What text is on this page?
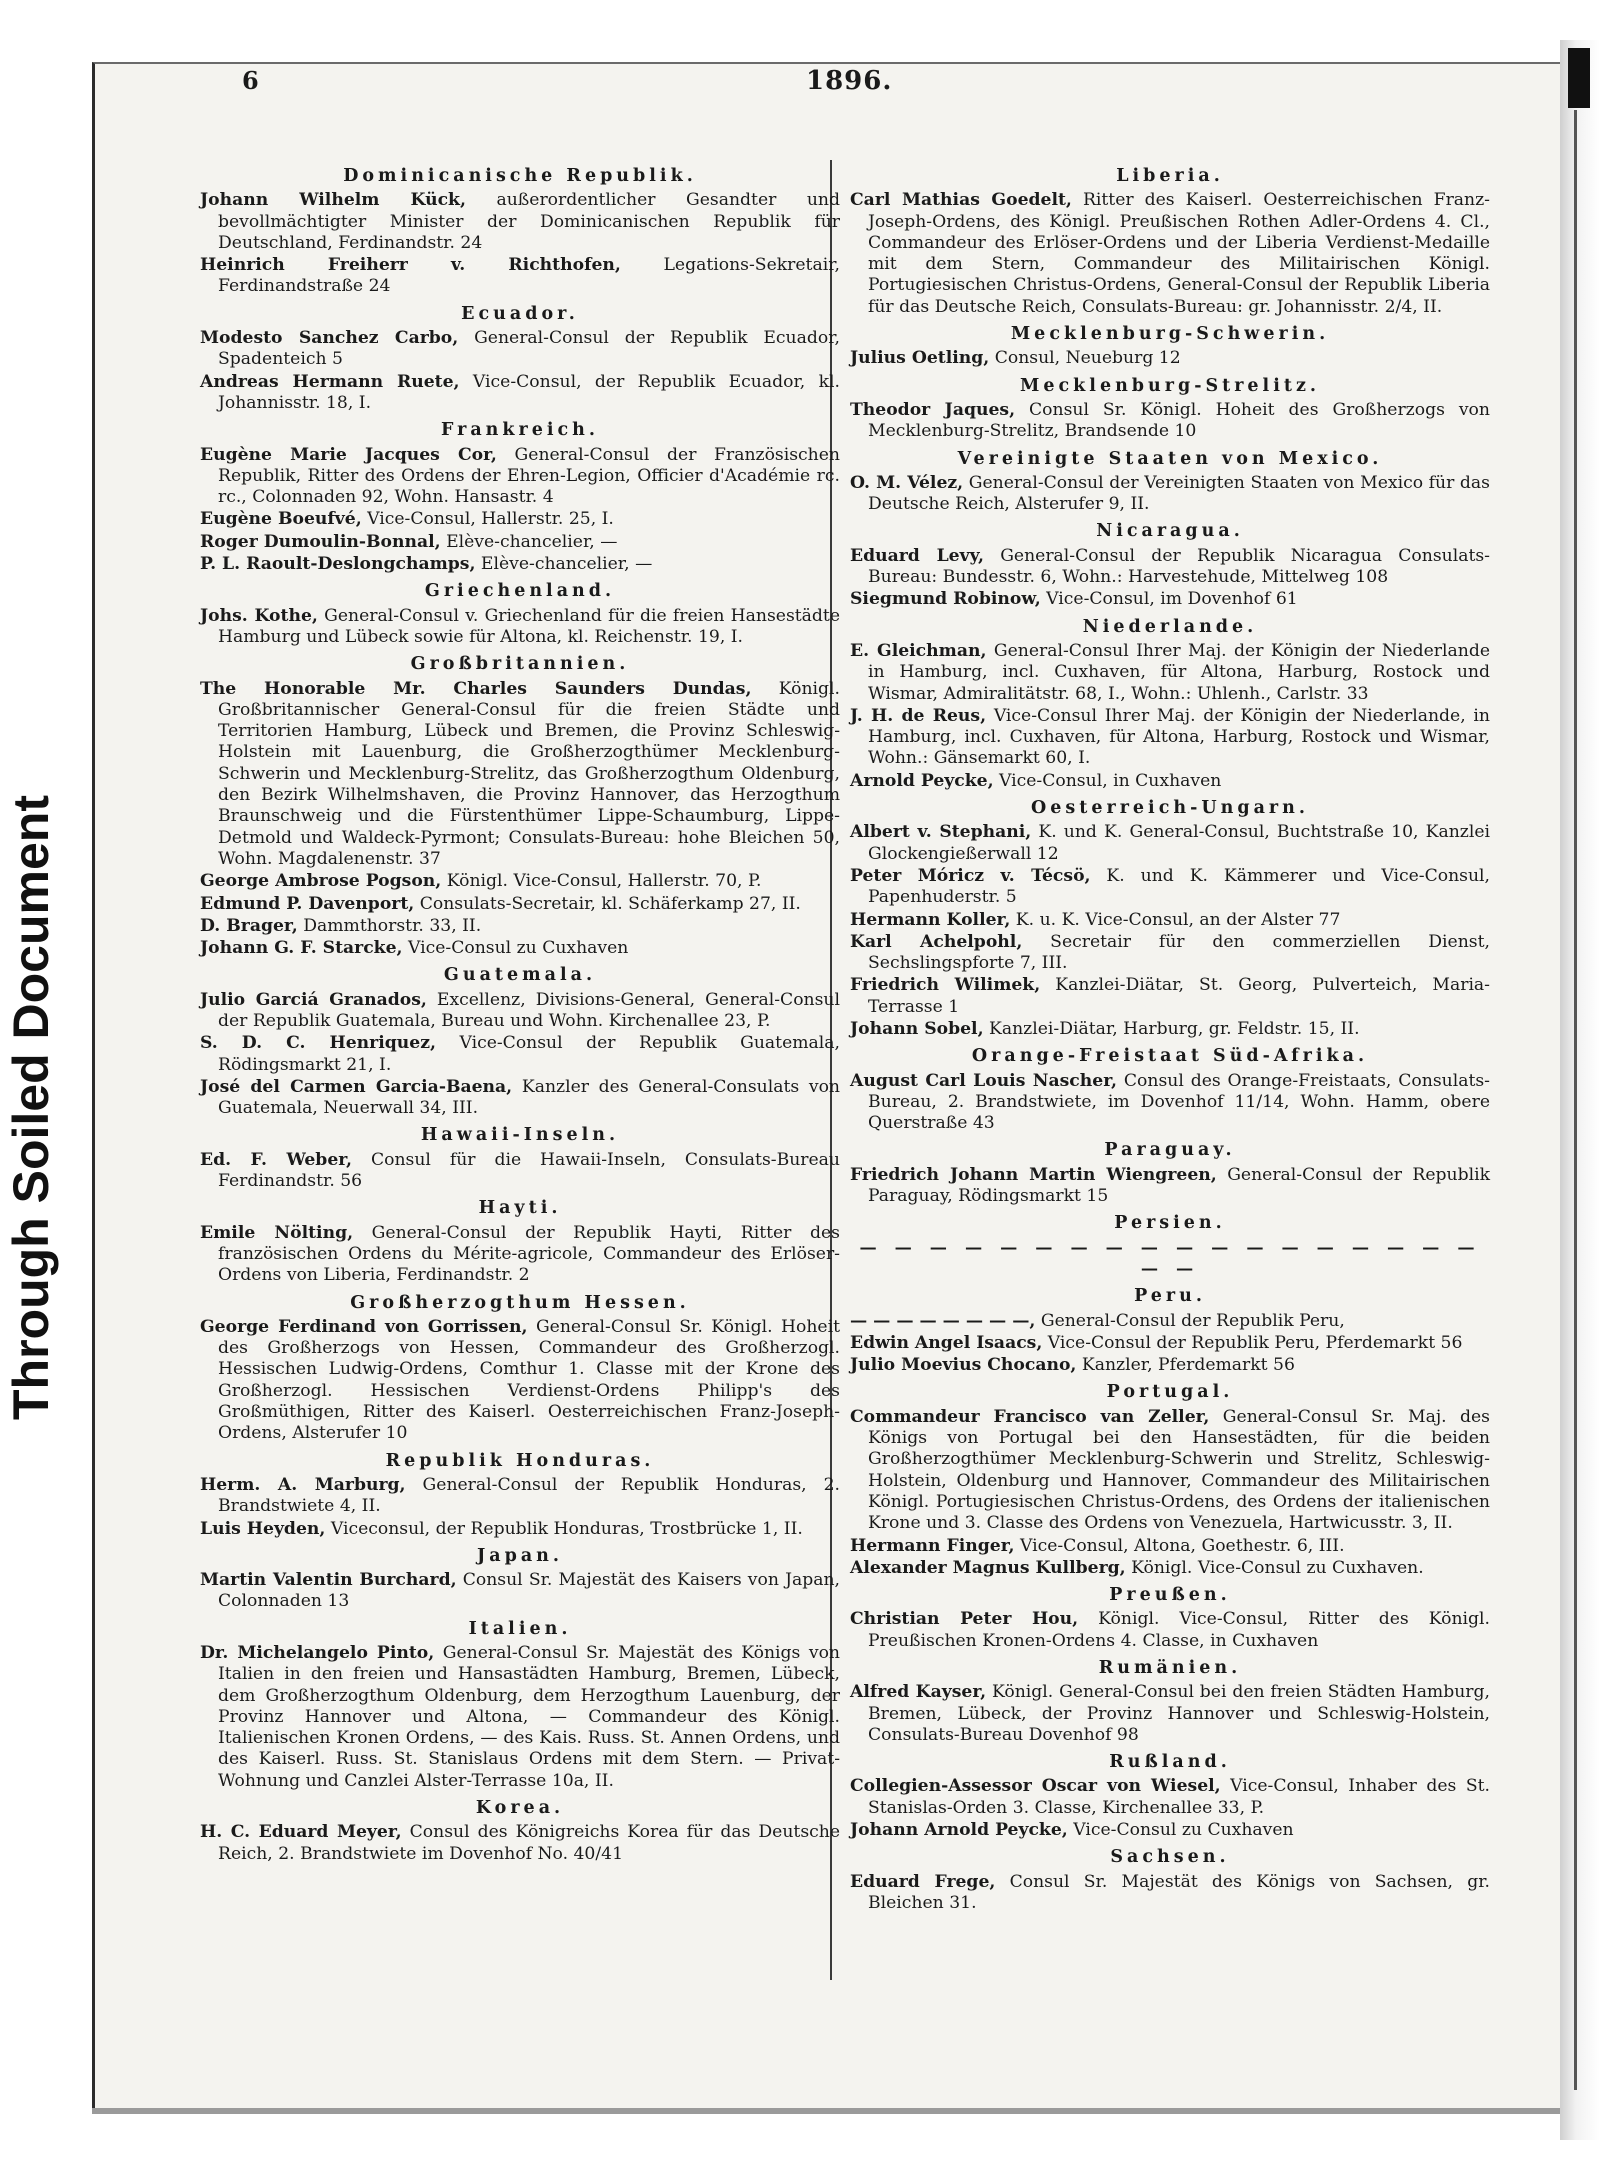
Through Soiled Document
6	1896.
Dominicanische Republik.
Johann Wilhelm Kück, außerordentlicher Gesandter und bevollmächtigter Minister der Dominicanischen Republik für Deutschland, Ferdinandstr. 24
Heinrich Freiherr v. Richthofen, Legations-Sekretair, Ferdinandstraße 24
Ecuador.
Modesto Sanchez Carbo, General-Consul der Republik Ecuador, Spadenteich 5
Andreas Hermann Ruete, Vice-Consul, der Republik Ecuador, kl. Johannisstr. 18, I.
Frankreich.
Eugène Marie Jacques Cor, General-Consul der Französischen Republik, Ritter des Ordens der Ehren-Legion, Officier d'Académie rc. rc., Colonnaden 92, Wohn. Hansastr. 4
Eugène Boeufvé, Vice-Consul, Hallerstr. 25, I.
Roger Dumoulin-Bonnal, Elève-chancelier, —
P. L. Raoult-Deslongchamps, Elève-chancelier, —
Griechenland.
Johs. Kothe, General-Consul v. Griechenland für die freien Hansestädte Hamburg und Lübeck sowie für Altona, kl. Reichenstr. 19, I.
Großbritannien.
The Honorable Mr. Charles Saunders Dundas, Königl. Großbritannischer General-Consul für die freien Städte und Territorien Hamburg, Lübeck und Bremen, die Provinz Schleswig-Holstein mit Lauenburg, die Großherzogthümer Mecklenburg-Schwerin und Mecklenburg-Strelitz, das Großherzogthum Oldenburg, den Bezirk Wilhelmshaven, die Provinz Hannover, das Herzogthum Braunschweig und die Fürstenthümer Lippe-Schaumburg, Lippe-Detmold und Waldeck-Pyrmont; Consulats-Bureau: hohe Bleichen 50, Wohn. Magdalenenstr. 37
George Ambrose Pogson, Königl. Vice-Consul, Hallerstr. 70, P.
Edmund P. Davenport, Consulats-Secretair, kl. Schäferkamp 27, II.
D. Brager, Dammthorstr. 33, II.
Johann G. F. Starcke, Vice-Consul zu Cuxhaven
Guatemala.
Julio Garciá Granados, Excellenz, Divisions-General, General-Consul der Republik Guatemala, Bureau und Wohn. Kirchenallee 23, P.
S. D. C. Henriquez, Vice-Consul der Republik Guatemala, Rödingsmarkt 21, I.
José del Carmen Garcia-Baena, Kanzler des General-Consulats von Guatemala, Neuerwall 34, III.
Hawaii-Inseln.
Ed. F. Weber, Consul für die Hawaii-Inseln, Consulats-Bureau Ferdinandstr. 56
Hayti.
Emile Nölting, General-Consul der Republik Hayti, Ritter des französischen Ordens du Mérite-agricole, Commandeur des Erlöser-Ordens von Liberia, Ferdinandstr. 2
Großherzogthum Hessen.
George Ferdinand von Gorrissen, General-Consul Sr. Königl. Hoheit des Großherzogs von Hessen, Commandeur des Großherzogl. Hessischen Ludwig-Ordens, Comthur 1. Classe mit der Krone des Großherzogl. Hessischen Verdienst-Ordens Philipp's des Großmüthigen, Ritter des Kaiserl. Oesterreichischen Franz-Joseph-Ordens, Alsterufer 10
Republik Honduras.
Herm. A. Marburg, General-Consul der Republik Honduras, 2. Brandstwiete 4, II.
Luis Heyden, Viceconsul, der Republik Honduras, Trostbrücke 1, II.
Japan.
Martin Valentin Burchard, Consul Sr. Majestät des Kaisers von Japan, Colonnaden 13
Italien.
Dr. Michelangelo Pinto, General-Consul Sr. Majestät des Königs von Italien in den freien und Hansastädten Hamburg, Bremen, Lübeck, dem Großherzogthum Oldenburg, dem Herzogthum Lauenburg, der Provinz Hannover und Altona, — Commandeur des Königl. Italienischen Kronen Ordens, — des Kais. Russ. St. Annen Ordens, und des Kaiserl. Russ. St. Stanislaus Ordens mit dem Stern. — Privat-Wohnung und Canzlei Alster-Terrasse 10a, II.
Korea.
H. C. Eduard Meyer, Consul des Königreichs Korea für das Deutsche Reich, 2. Brandstwiete im Dovenhof No. 40/41
Liberia.
Carl Mathias Goedelt, Ritter des Kaiserl. Oesterreichischen Franz-Joseph-Ordens, des Königl. Preußischen Rothen Adler-Ordens 4. Cl., Commandeur des Erlöser-Ordens und der Liberia Verdienst-Medaille mit dem Stern, Commandeur des Militairischen Königl. Portugiesischen Christus-Ordens, General-Consul der Republik Liberia für das Deutsche Reich, Consulats-Bureau: gr. Johannisstr. 2/4, II.
Mecklenburg-Schwerin.
Julius Oetling, Consul, Neueburg 12
Mecklenburg-Strelitz.
Theodor Jaques, Consul Sr. Königl. Hoheit des Großherzogs von Mecklenburg-Strelitz, Brandsende 10
Vereinigte Staaten von Mexico.
O. M. Vélez, General-Consul der Vereinigten Staaten von Mexico für das Deutsche Reich, Alsterufer 9, II.
Nicaragua.
Eduard Levy, General-Consul der Republik Nicaragua Consulats-Bureau: Bundesstr. 6, Wohn.: Harvestehude, Mittelweg 108
Siegmund Robinow, Vice-Consul, im Dovenhof 61
Niederlande.
E. Gleichman, General-Consul Ihrer Maj. der Königin der Niederlande in Hamburg, incl. Cuxhaven, für Altona, Harburg, Rostock und Wismar, Admiralitätstr. 68, I., Wohn.: Uhlenh., Carlstr. 33
J. H. de Reus, Vice-Consul Ihrer Maj. der Königin der Niederlande, in Hamburg, incl. Cuxhaven, für Altona, Harburg, Rostock und Wismar, Wohn.: Gänsemarkt 60, I.
Arnold Peycke, Vice-Consul, in Cuxhaven
Oesterreich-Ungarn.
Albert v. Stephani, K. und K. General-Consul, Buchtstraße 10, Kanzlei Glockengießerwall 12
Peter Móricz v. Técsö, K. und K. Kämmerer und Vice-Consul, Papenhuderstr. 5
Hermann Koller, K. u. K. Vice-Consul, an der Alster 77
Karl Achelpohl, Secretair für den commerziellen Dienst, Sechslingspforte 7, III.
Friedrich Wilimek, Kanzlei-Diätar, St. Georg, Pulverteich, Maria-Terrasse 1
Johann Sobel, Kanzlei-Diätar, Harburg, gr. Feldstr. 15, II.
Orange-Freistaat Süd-Afrika.
August Carl Louis Nascher, Consul des Orange-Freistaats, Consulats-Bureau, 2. Brandstwiete, im Dovenhof 11/14, Wohn. Hamm, obere Querstraße 43
Paraguay.
Friedrich Johann Martin Wiengreen, General-Consul der Republik Paraguay, Rödingsmarkt 15
Persien.
— — — — — — — — — — — — — — — — — — — —
Peru.
— — — — — — — —, General-Consul der Republik Peru,
Edwin Angel Isaacs, Vice-Consul der Republik Peru, Pferdemarkt 56
Julio Moevius Chocano, Kanzler, Pferdemarkt 56
Portugal.
Commandeur Francisco van Zeller, General-Consul Sr. Maj. des Königs von Portugal bei den Hansestädten, für die beiden Großherzogthümer Mecklenburg-Schwerin und Strelitz, Schleswig-Holstein, Oldenburg und Hannover, Commandeur des Militairischen Königl. Portugiesischen Christus-Ordens, des Ordens der italienischen Krone und 3. Classe des Ordens von Venezuela, Hartwicusstr. 3, II.
Hermann Finger, Vice-Consul, Altona, Goethestr. 6, III.
Alexander Magnus Kullberg, Königl. Vice-Consul zu Cuxhaven.
Preußen.
Christian Peter Hou, Königl. Vice-Consul, Ritter des Königl. Preußischen Kronen-Ordens 4. Classe, in Cuxhaven
Rumänien.
Alfred Kayser, Königl. General-Consul bei den freien Städten Hamburg, Bremen, Lübeck, der Provinz Hannover und Schleswig-Holstein, Consulats-Bureau Dovenhof 98
Rußland.
Collegien-Assessor Oscar von Wiesel, Vice-Consul, Inhaber des St. Stanislas-Orden 3. Classe, Kirchenallee 33, P.
Johann Arnold Peycke, Vice-Consul zu Cuxhaven
Sachsen.
Eduard Frege, Consul Sr. Majestät des Königs von Sachsen, gr. Bleichen 31.
